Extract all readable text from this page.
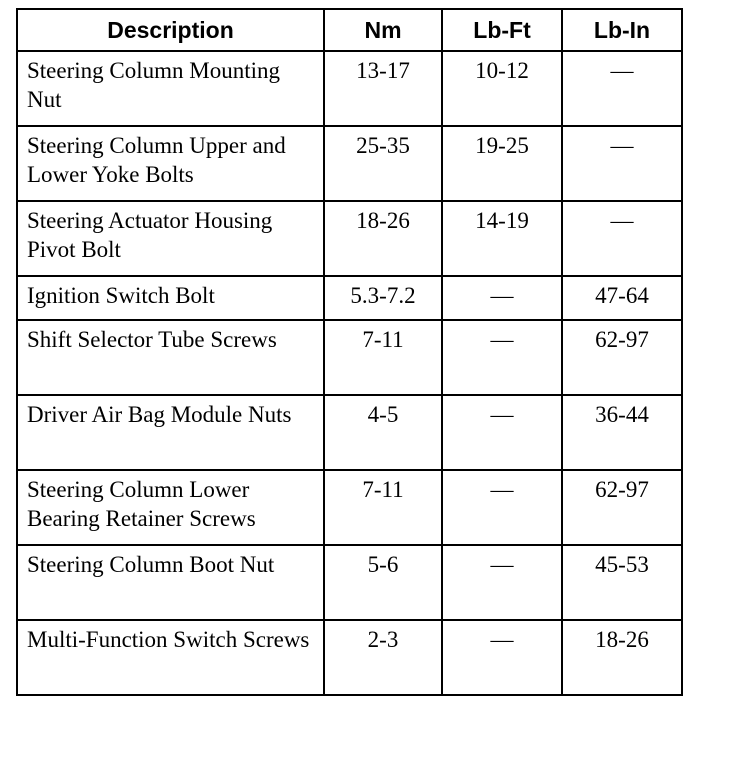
Description	Nm	Lb-Ft	Lb-In
Steering Column Mounting Nut	13-17	10-12	—
Steering Column Upper and Lower Yoke Bolts	25-35	19-25	—
Steering Actuator Housing Pivot Bolt	18-26	14-19	—
Ignition Switch Bolt	5.3-7.2	—	47-64
Shift Selector Tube Screws	7-11	—	62-97
Driver Air Bag Module Nuts	4-5	—	36-44
Steering Column Lower Bearing Retainer Screws	7-11	—	62-97
Steering Column Boot Nut	5-6	—	45-53
Multi-Function Switch Screws	2-3	—	18-26
